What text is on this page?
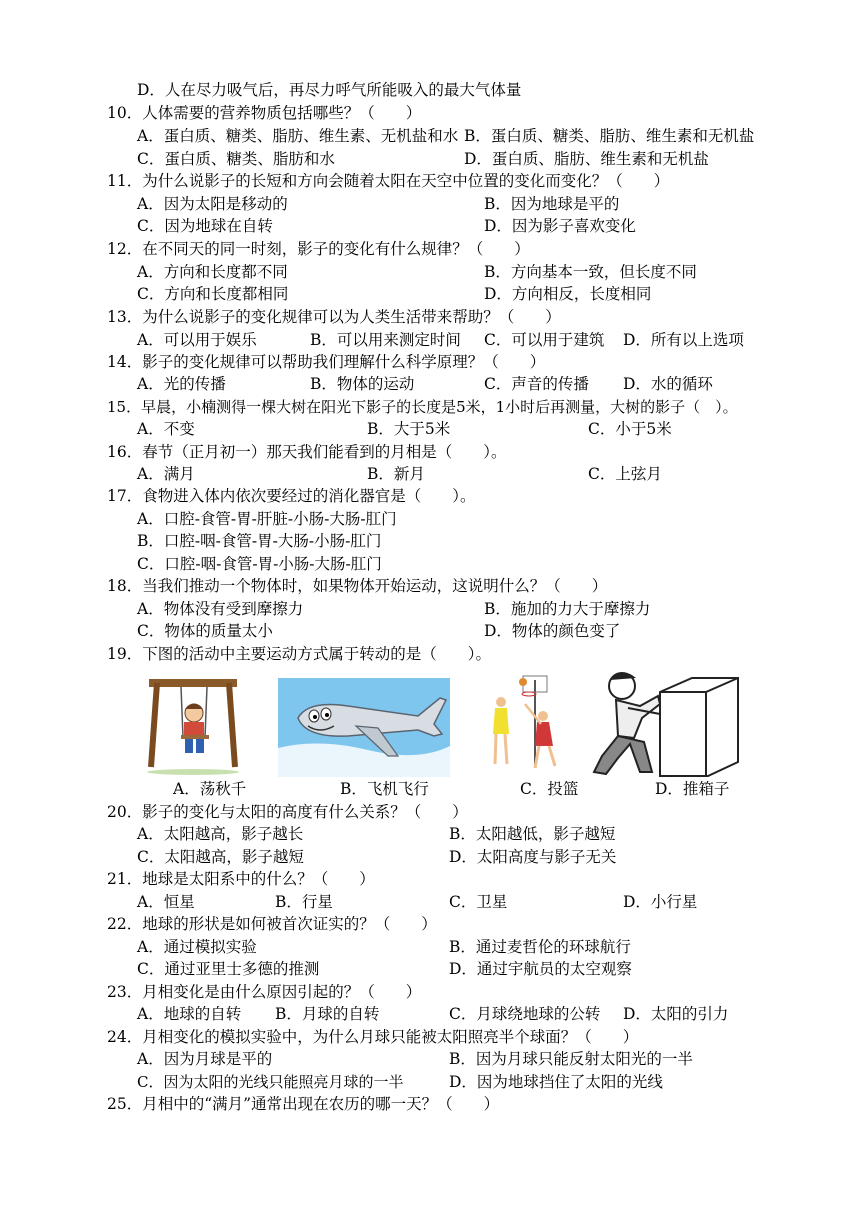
D．人在尽力吸气后，再尽力呼气所能吸入的最大气体量
10．人体需要的营养物质包括哪些？（　　）
A．蛋白质、糖类、脂肪、维生素、无机盐和水 B．蛋白质、糖类、脂肪、维生素和无机盐
C．蛋白质、糖类、脂肪和水	D．蛋白质、脂肪、维生素和无机盐
11．为什么说影子的长短和方向会随着太阳在天空中位置的变化而变化？（　　）
A．因为太阳是移动的	B．因为地球是平的
C．因为地球在自转	D．因为影子喜欢变化
12．在不同天的同一时刻，影子的变化有什么规律？（　　）
A．方向和长度都不同	B．方向基本一致，但长度不同
C．方向和长度都相同	D．方向相反，长度相同
13．为什么说影子的变化规律可以为人类生活带来帮助？（　　）
A．可以用于娱乐	B．可以用来测定时间 C．可以用于建筑 D．所有以上选项
14．影子的变化规律可以帮助我们理解什么科学原理？（　　）
A．光的传播	B．物体的运动	C．声音的传播 D．水的循环
15．早晨，小楠测得一棵大树在阳光下影子的长度是5米，1小时后再测量，大树的影子（　）。
A．不变	B．大于5米	C．小于5米
16．春节（正月初一）那天我们能看到的月相是（　　）。
A．满月	B．新月	C．上弦月
17．食物进入体内依次要经过的消化器官是（　　）。
A．口腔-食管-胃-肝脏-小肠-大肠-肛门
B．口腔-咽-食管-胃-大肠-小肠-肛门
C．口腔-咽-食管-胃-小肠-大肠-肛门
18．当我们推动一个物体时，如果物体开始运动，这说明什么？（　　）
A．物体没有受到摩擦力	B．施加的力大于摩擦力
C．物体的质量太小	D．物体的颜色变了
19．下图的活动中主要运动方式属于转动的是（　　）。
A．荡秋千	B．飞机飞行	C．投篮	D．推箱子
20．影子的变化与太阳的高度有什么关系？（　　）
A．太阳越高，影子越长	B．太阳越低，影子越短
C．太阳越高，影子越短	D．太阳高度与影子无关
21．地球是太阳系中的什么？（　　）
A．恒星	B．行星	C．卫星	D．小行星
22．地球的形状是如何被首次证实的？（　　）
A．通过模拟实验	B．通过麦哲伦的环球航行
C．通过亚里士多德的推测	D．通过宇航员的太空观察
23．月相变化是由什么原因引起的？（　　）
A．地球的自转 B．月球的自转	C．月球绕地球的公转 D．太阳的引力
24．月相变化的模拟实验中，为什么月球只能被太阳照亮半个球面？（　　）
A．因为月球是平的	B．因为月球只能反射太阳光的一半
C．因为太阳的光线只能照亮月球的一半	D．因为地球挡住了太阳的光线
25．月相中的“满月”通常出现在农历的哪一天？（　　）
